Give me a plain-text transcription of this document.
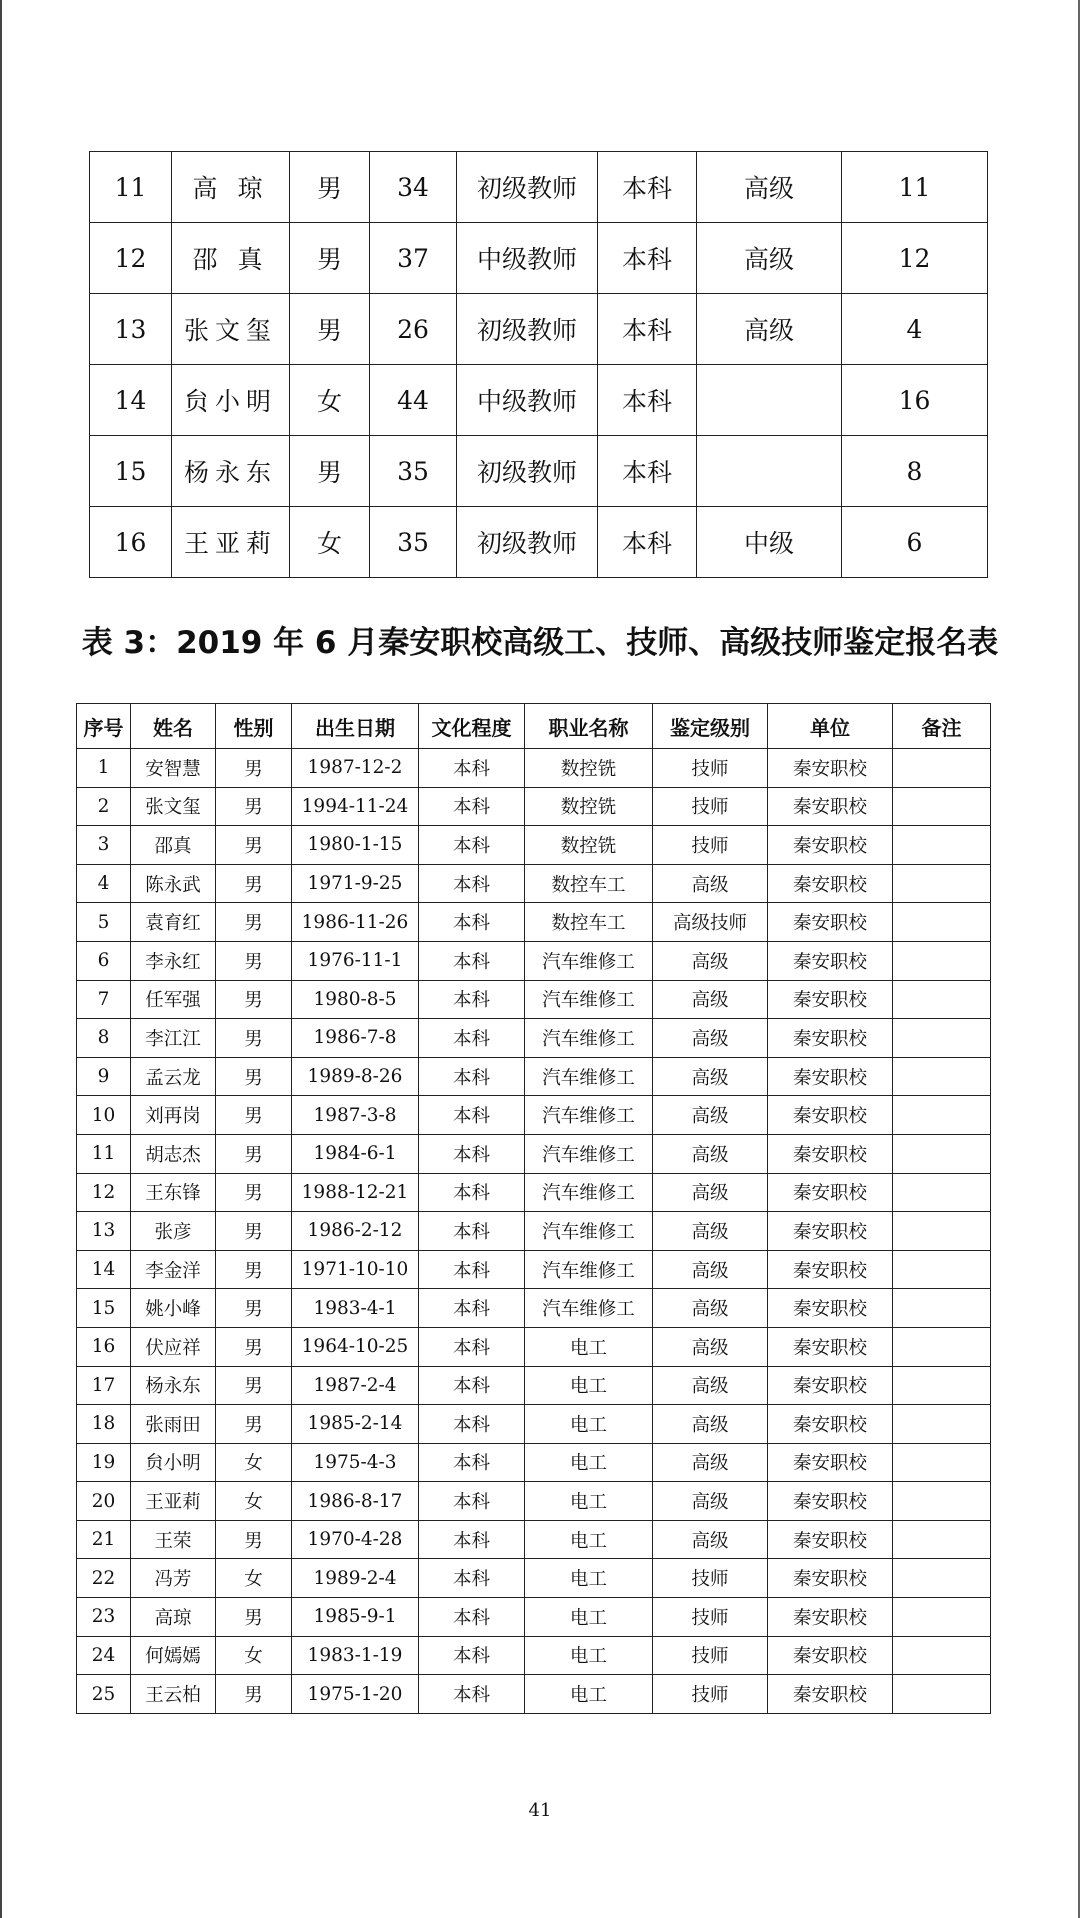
11	高 琼	男	34	初级教师	本科	高级	11
12	邵 真	男	37	中级教师	本科	高级	12
13	张文玺	男	26	初级教师	本科	高级	4
14	贠小明	女	44	中级教师	本科		16
15	杨永东	男	35	初级教师	本科		8
16	王亚莉	女	35	初级教师	本科	中级	6
表 3：2019 年 6 月秦安职校高级工、技师、高级技师鉴定报名表
序号	姓名	性别	出生日期	文化程度	职业名称	鉴定级别	单位	备注
1	安智慧	男	1987-12-2	本科	数控铣	技师	秦安职校	
2	张文玺	男	1994-11-24	本科	数控铣	技师	秦安职校	
3	邵真	男	1980-1-15	本科	数控铣	技师	秦安职校	
4	陈永武	男	1971-9-25	本科	数控车工	高级	秦安职校	
5	袁育红	男	1986-11-26	本科	数控车工	高级技师	秦安职校	
6	李永红	男	1976-11-1	本科	汽车维修工	高级	秦安职校	
7	任军强	男	1980-8-5	本科	汽车维修工	高级	秦安职校	
8	李江江	男	1986-7-8	本科	汽车维修工	高级	秦安职校	
9	孟云龙	男	1989-8-26	本科	汽车维修工	高级	秦安职校	
10	刘再岗	男	1987-3-8	本科	汽车维修工	高级	秦安职校	
11	胡志杰	男	1984-6-1	本科	汽车维修工	高级	秦安职校	
12	王东锋	男	1988-12-21	本科	汽车维修工	高级	秦安职校	
13	张彦	男	1986-2-12	本科	汽车维修工	高级	秦安职校	
14	李金洋	男	1971-10-10	本科	汽车维修工	高级	秦安职校	
15	姚小峰	男	1983-4-1	本科	汽车维修工	高级	秦安职校	
16	伏应祥	男	1964-10-25	本科	电工	高级	秦安职校	
17	杨永东	男	1987-2-4	本科	电工	高级	秦安职校	
18	张雨田	男	1985-2-14	本科	电工	高级	秦安职校	
19	贠小明	女	1975-4-3	本科	电工	高级	秦安职校	
20	王亚莉	女	1986-8-17	本科	电工	高级	秦安职校	
21	王荣	男	1970-4-28	本科	电工	高级	秦安职校	
22	冯芳	女	1989-2-4	本科	电工	技师	秦安职校	
23	高琼	男	1985-9-1	本科	电工	技师	秦安职校	
24	何嫣嫣	女	1983-1-19	本科	电工	技师	秦安职校	
25	王云柏	男	1975-1-20	本科	电工	技师	秦安职校	
41
